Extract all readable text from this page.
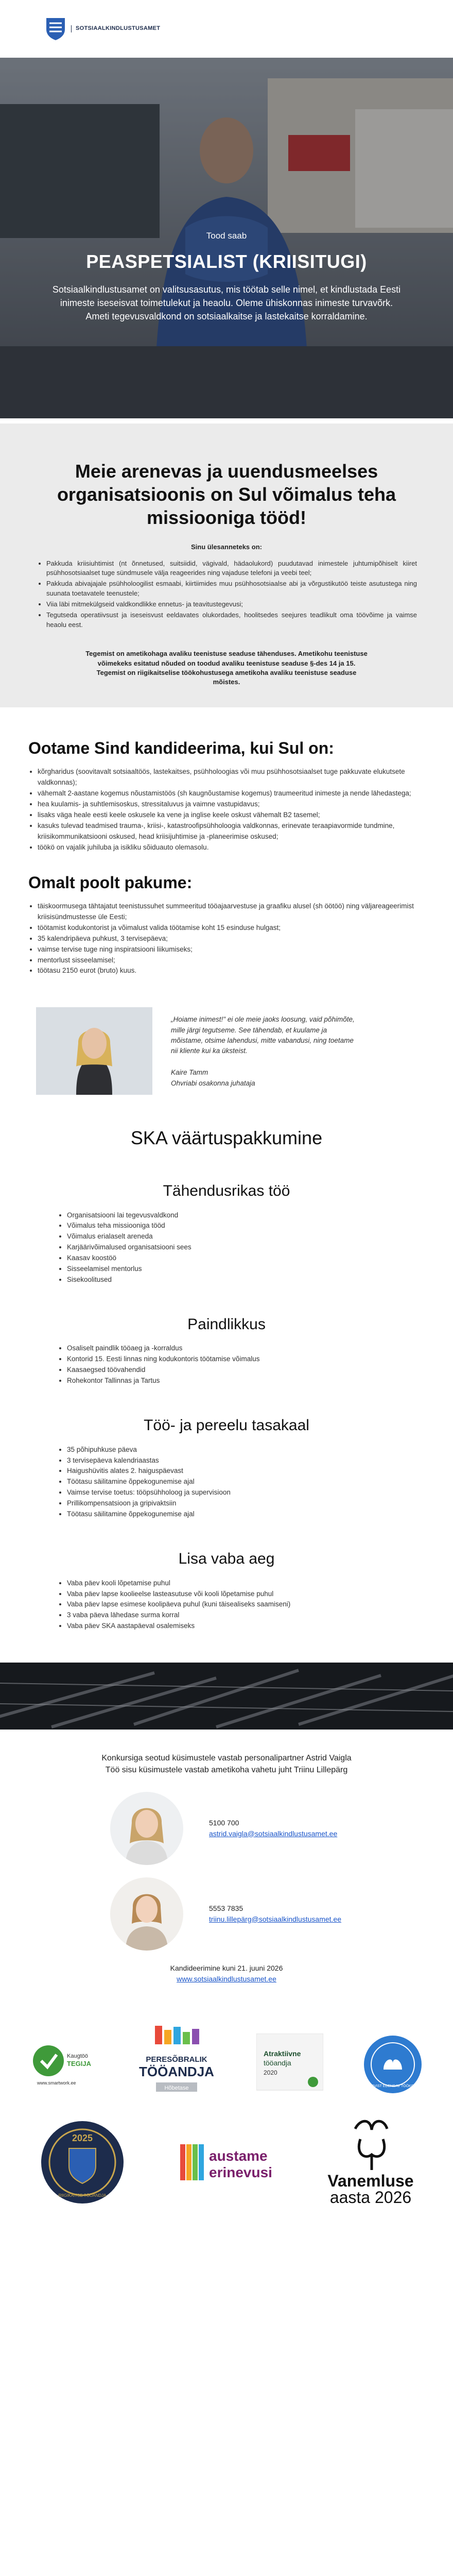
SOTSIAALKINDLUSTUSAMET
Tood saab
PEASPETSIALIST (KRIISITUGI)
Sotsiaalkindlustusamet on valitsusasutus, mis töötab selle nimel, et kindlustada Eesti
inimeste iseseisvat toimetulekut ja heaolu. Oleme ühiskonnas inimeste turvavõrk.
Ameti tegevusvaldkond on sotsiaalkaitse ja lastekaitse korraldamine.
Meie arenevas ja uuendusmeelses
organisatsioonis on Sul võimalus teha
missiooniga tööd!
Sinu ülesanneteks on:
• Pakkuda kriisiuhtimist (nt õnnetused, suitsiidid, vägivald, hädaolukord) puudutavad inimestele juhtumipõhiselt kiiret psühhosotsiaalset tuge sündmusele välja reageerides ning vajaduse telefoni ja veebi teel;
• Pakkuda abivajajale psühholoogilist esmaabi, kiirtiimides muu psühhosotsiaalse abi ja võrgustikutöö teiste asutustega ning suunata toetavatele teenustele;
• Viia läbi mitmekülgseid valdkondlikke ennetus- ja teavitustegevusi;
• Tegutseda operatiivsust ja iseseisvust eeldavates olukordades, hoolitsedes seejures teadlikult oma töövõime ja vaimse heaolu eest.
Tegemist on ametikohaga avaliku teenistuse seaduse tähenduses. Ametikohu teenistuse
võimekeks esitatud nõuded on toodud avaliku teenistuse seaduse §-des 14 ja 15.
Tegemist on riigikaitselise töökohustusega ametikoha avaliku teenistuse seaduse
mõistes.
Ootame Sind kandideerima, kui Sul on:
• kõrgharidus (soovitavalt sotsiaaltöös, lastekaitses, psühholoogias või muu psühhosotsiaalset tuge pakkuvate elukutsete valdkonnas);
• vähemalt 2-aastane kogemus nõustamistöös (sh kaugnõustamise kogemus) traumeeritud inimeste ja nende lähedastega;
• hea kuulamis- ja suhtlemisoskus, stressitaluvus ja vaimne vastupidavus;
• lisaks väga heale eesti keele oskusele ka vene ja inglise keele oskust vähemalt B2 tasemel;
• kasuks tulevad teadmised trauma-, kriisi-, katastroofipsühholoogia valdkonnas, erinevate teraapiavormide tundmine, kriisikommunikatsiooni oskused, head kriisijuhtimise ja -planeerimise oskused;
• töökö on vajalik juhiluba ja isikliku sõiduauto olemasolu.
Omalt poolt pakume:
• täiskoormusega tähtajatut teenistussuhet summeeritud tööajaarvestuse ja graafiku alusel (sh öötöö) ning väljareageerimist kriisisündmustesse üle Eesti;
• töötamist kodukontorist ja võimalust valida töötamise koht 15 esinduse hulgast;
• 35 kalendripäeva puhkust, 3 tervisepäeva;
• vaimse tervise tuge ning inspiratsiooni liikumiseks;
• mentorlust sisseelamisel;
• töötasu 2150 eurot (bruto) kuus.
„Hoiame inimest!" ei ole meie jaoks loosung, vaid põhimõte,
mille järgi tegutseme. See tähendab, et kuulame ja
mõistame, otsime lahendusi, mitte vabandusi, ning toetame
nii kliente kui ka üksteist.
Kaire Tamm
Ohvriabi osakonna juhataja
SKA väärtuspakkumine
Tähendusrikas töö
• Organisatsiooni lai tegevusvaldkond
• Võimalus teha missiooniga tööd
• Võimalus erialaselt areneda
• Karjäärivõimalused organisatsiooni sees
• Kaasav koostöö
• Sisseelamisel mentorlus
• Sisekoolitused
Paindlikkus
• Osaliselt paindlik tööaeg ja -korraldus
• Kontorid 15. Eesti linnas ning kodukontoris töötamise võimalus
• Kaasaegsed töövahendid
• Rohekontor Tallinnas ja Tartus
Töö- ja pereelu tasakaal
• 35 põhipuhkuse päeva
• 3 tervisepäeva kalendriaastas
• Haigushüvitis alates 2. haiguspäevast
• Töötasu säilitamine õppekogunemise ajal
• Vaimse tervise toetus: tööpsühholoog ja supervisioon
• Prillikompensatsioon ja gripivaktsiin
• Töötasu säilitamine õppekogunemise ajal
Lisa vaba aeg
• Vaba päev kooli lõpetamise puhul
• Vaba päev lapse koolieelse lasteasutuse või kooli lõpetamise puhul
• Vaba päev lapse esimese koolipäeva puhul (kuni täisealiseks saamiseni)
• 3 vaba päeva lähedase surma korral
• Vaba päev SKA aastapäeval osalemiseks
Konkursiga seotud küsimustele vastab personalipartner Astrid Vaigla
Töö sisu küsimustele vastab ametikoha vahetu juht Triinu Lillepärg
5100 700
astrid.vaigla@sotsiaalkindlustusamet.ee
5553 7835
triinu.lillepärg@sotsiaalkindlustusamet.ee
Kandideerimine kuni 21. juuni 2026
www.sotsiaalkindlustusamet.ee
Kaugtöö
TEGIJA
www.smartwork.ee
PERESÕBRALIK
TÖÖANDJA
Hõbetase
Atraktiivne
tööandja
2020
TERVIST EDENDAV TÖÖKOHT
2025
RIIGIKAITSE TÖÖANDJA
austame
erinevusi	Vanemluse
aasta 2026
